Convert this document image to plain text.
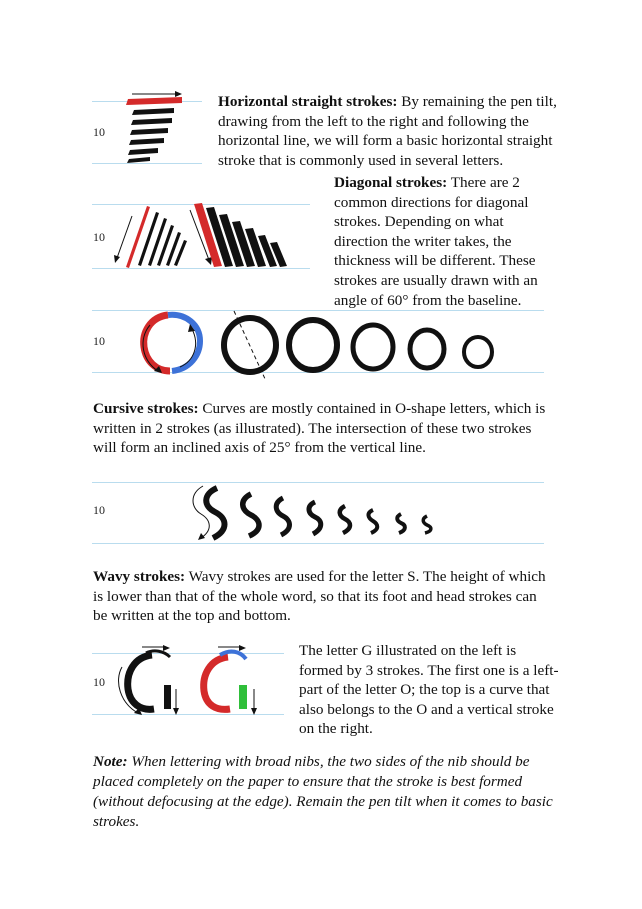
10

Horizontal straight strokes: By remaining the pen tilt, drawing from the left to the right and following the horizontal line, we will form a basic horizontal straight stroke that is commonly used in several letters.

10

Diagonal strokes: There are 2 common directions for diagonal strokes. Depending on what direction the writer takes, the thickness will be different. These strokes are usually drawn with an angle of 60° from the baseline.

10

Cursive strokes: Curves are mostly contained in O-shape letters, which is written in 2 strokes (as illustrated). The intersection of these two strokes will form an inclined axis of 25° from the vertical line.

10

Wavy strokes: Wavy strokes are used for the letter S. The height of which is lower than that of the whole word, so that its foot and head strokes can be written at the top and bottom.

10

The letter G illustrated on the left is formed by 3 strokes. The first one is a left-part of the letter O; the top is a curve that also belongs to the O and a vertical stroke on the right.

Note: When lettering with broad nibs, the two sides of the nib should be placed completely on the paper to ensure that the stroke is best formed (without defocusing at the edge). Remain the pen tilt when it comes to basic strokes.
